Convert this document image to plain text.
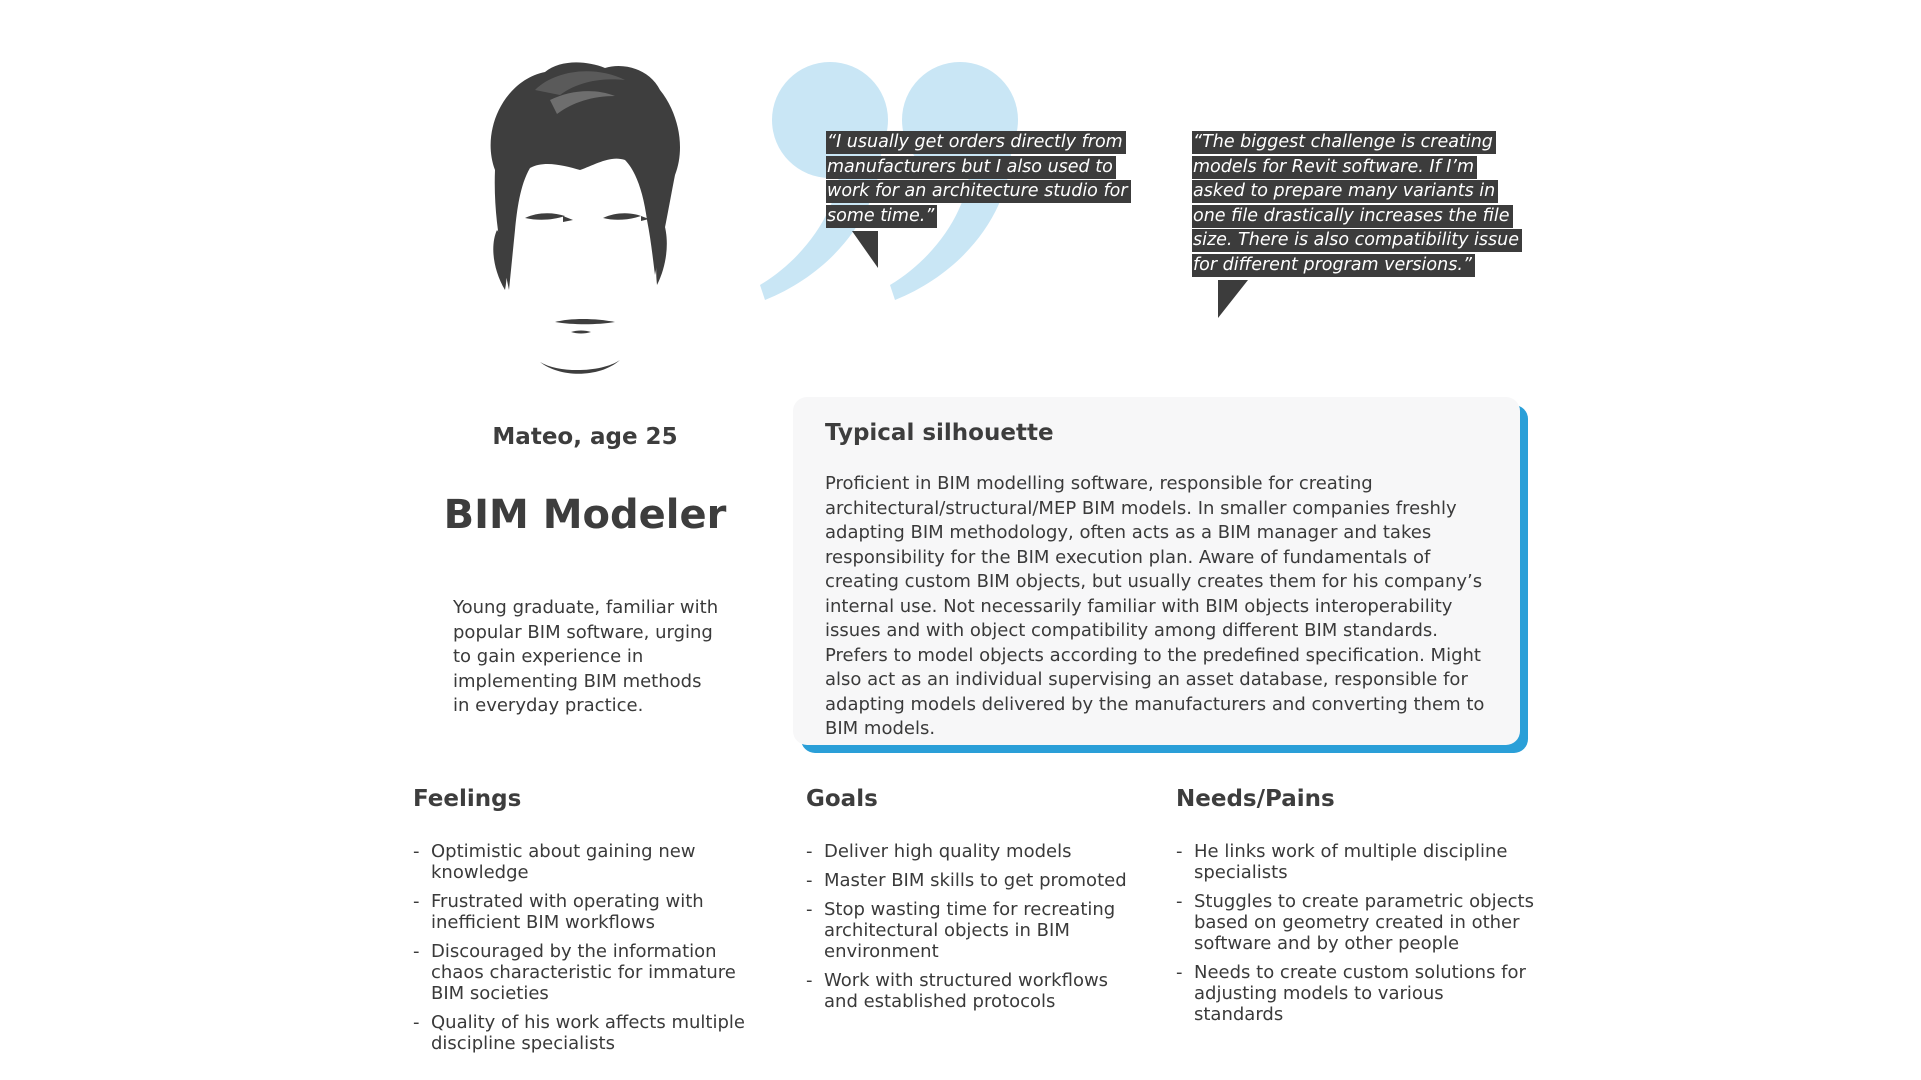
“I usually get orders directly from manufacturers but I also used to work for an architecture studio for some time.”
“The biggest challenge is creating models for Revit software. If I’m asked to prepare many variants in one file drastically increases the file size. There is also compatibility issue for different program versions.”
Mateo, age 25
BIM Modeler
Young graduate, familiar with popular BIM software, urging to gain experience in implementing BIM methods in everyday practice.
Typical silhouette
Proficient in BIM modelling software, responsible for creating architectural/structural/MEP BIM models. In smaller companies freshly adapting BIM methodology, often acts as a BIM manager and takes responsibility for the BIM execution plan. Aware of fundamentals of creating custom BIM objects, but usually creates them for his company’s internal use. Not necessarily familiar with BIM objects interoperability issues and with object compatibility among different BIM standards. Prefers to model objects according to the predefined specification. Might also act as an individual supervising an asset database, responsible for adapting models delivered by the manufacturers and converting them to BIM models.
Feelings
- Optimistic about gaining new knowledge
- Frustrated with operating with inefficient BIM workflows
- Discouraged by the information chaos characteristic for immature BIM societies
- Quality of his work affects multiple discipline specialists
Goals
- Deliver high quality models
- Master BIM skills to get promoted
- Stop wasting time for recreating architectural objects in BIM environment
- Work with structured workflows and established protocols
Needs/Pains
- He links work of multiple discipline specialists
- Stuggles to create parametric objects based on geometry created in other software and by other people
- Needs to create custom solutions for adjusting models to various standards
